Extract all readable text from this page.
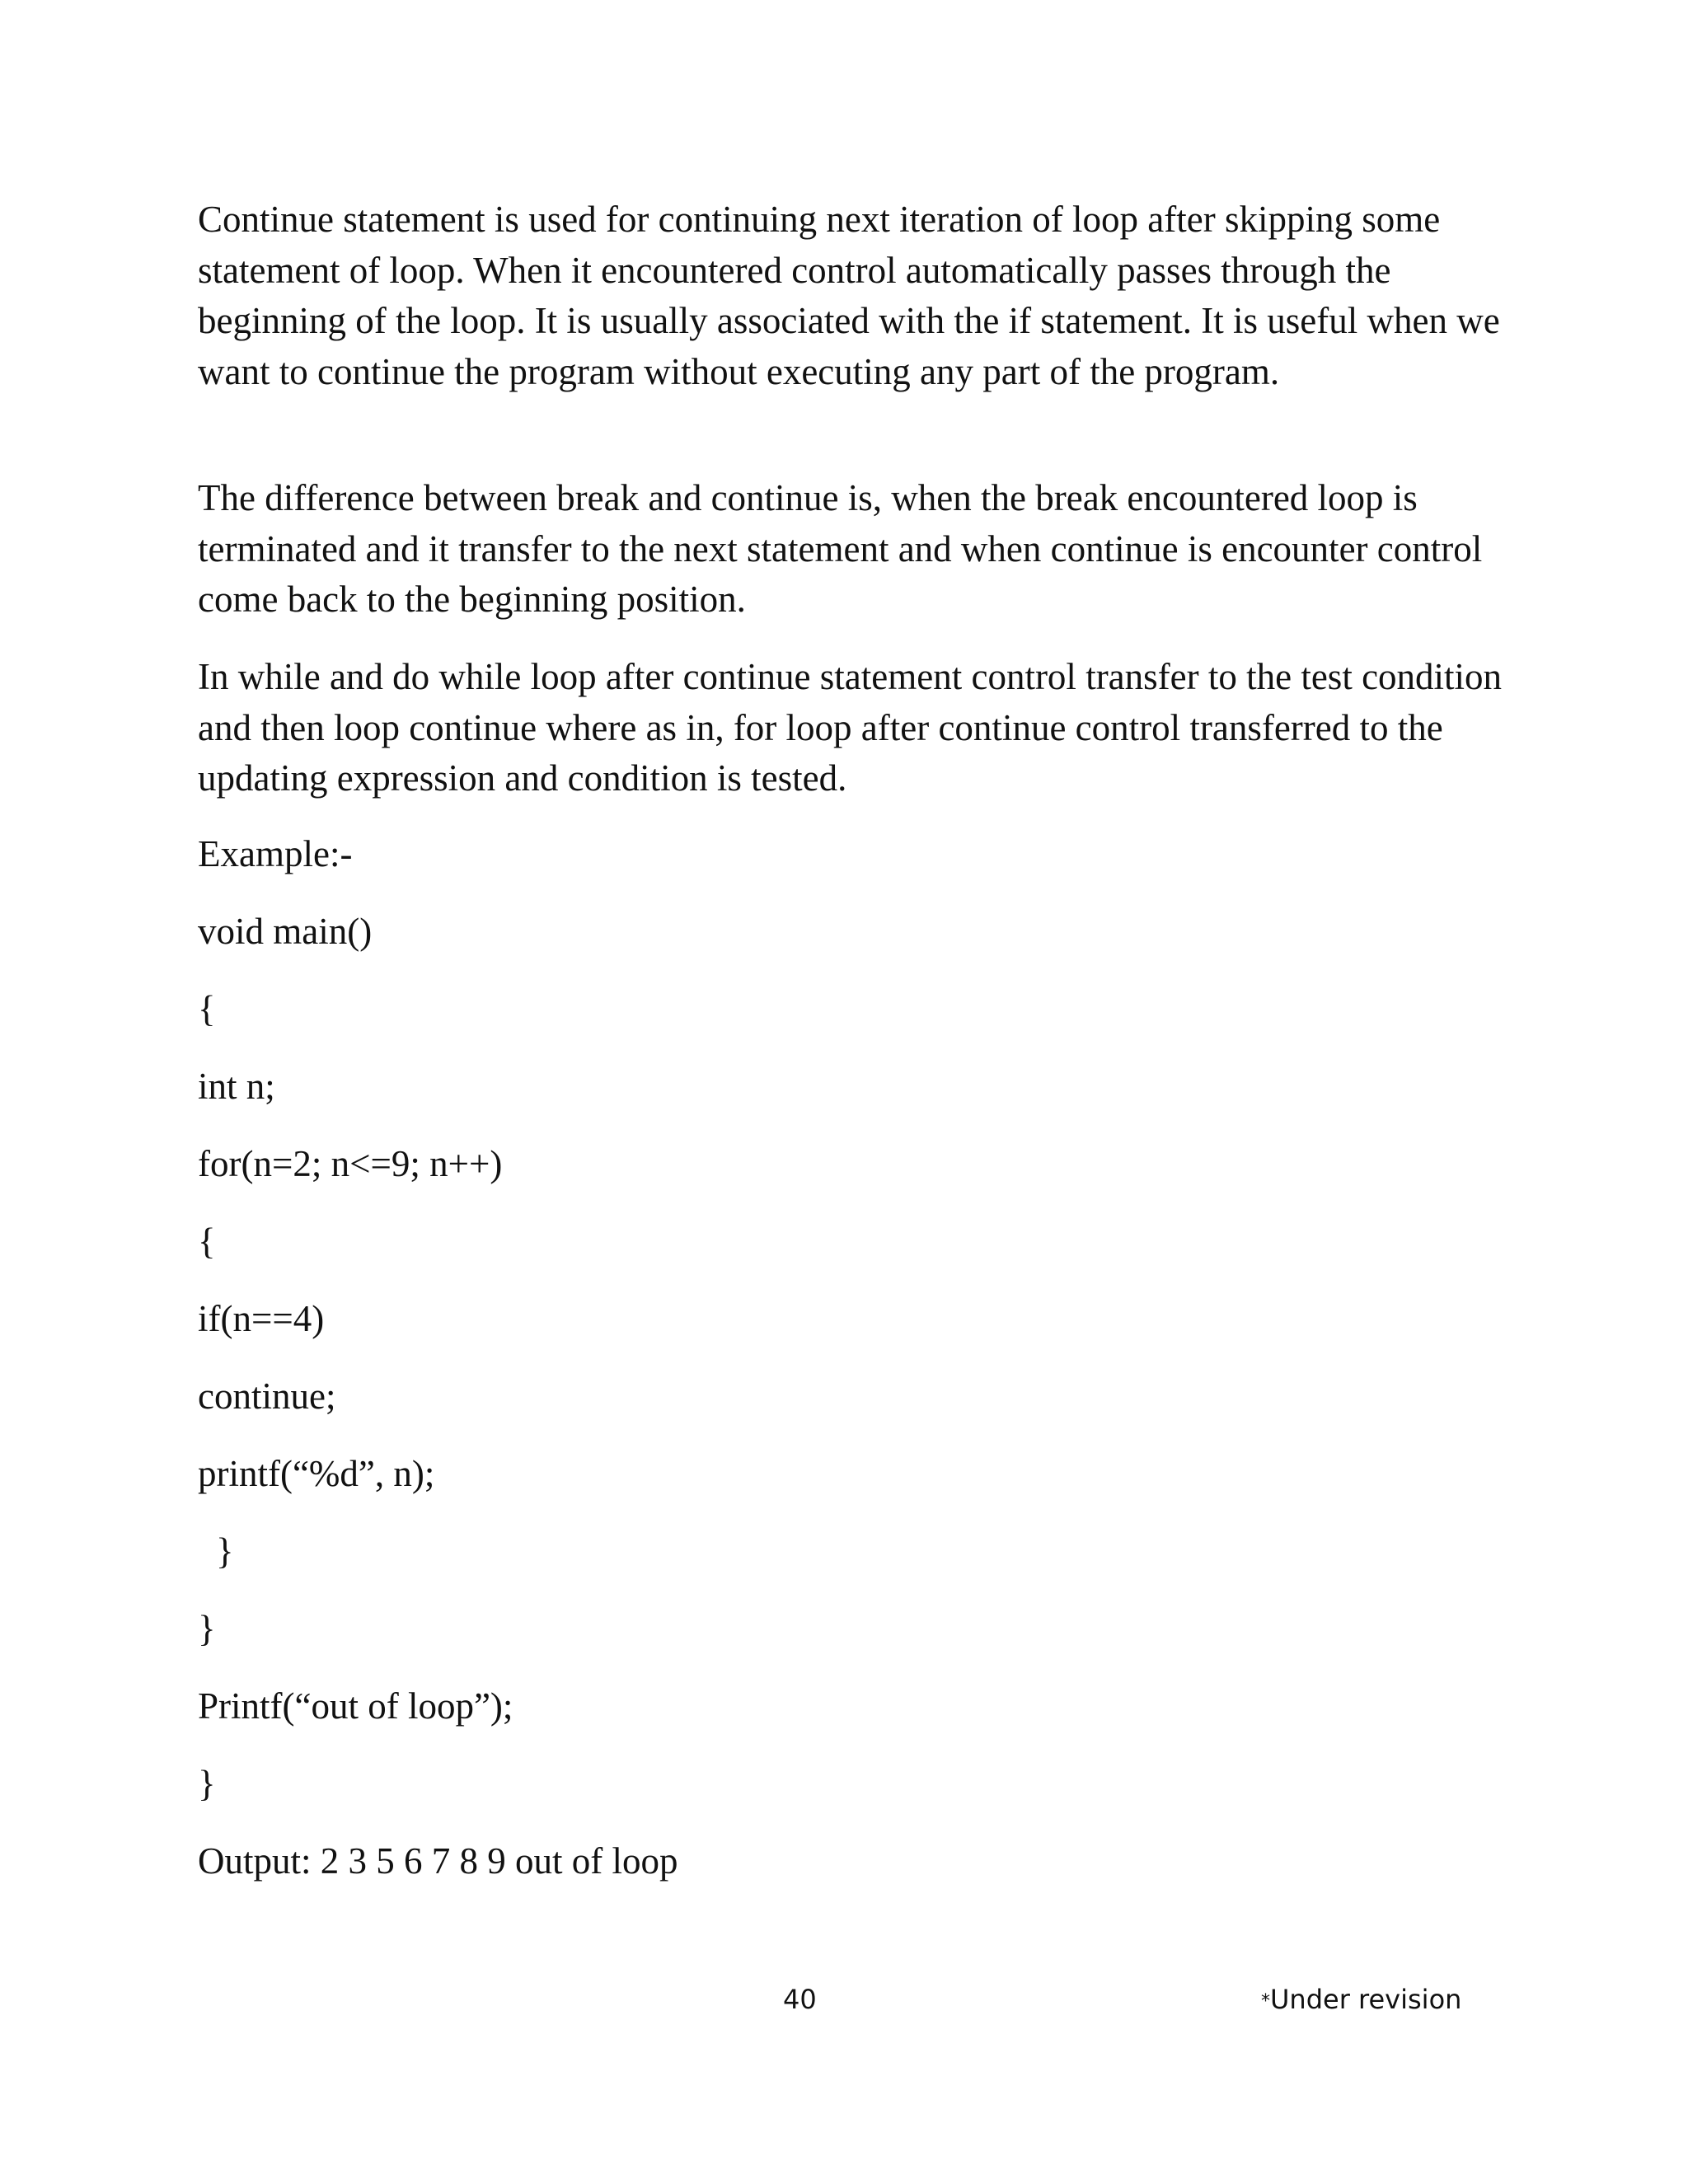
Continue statement is used for continuing next iteration of loop after skipping some statement of loop. When it encountered control automatically passes through the beginning of the loop. It is usually associated with the if statement. It is useful when we want to continue the program without executing any part of the program.

The difference between break and continue is, when the break encountered loop is terminated and it transfer to the next statement and when continue is encounter control come back to the beginning position.

In while and do while loop after continue statement control transfer to the test condition and then loop continue where as in, for loop after continue control transferred to the updating expression and condition is tested.

Example:-
void main()
{
int n;
for(n=2; n<=9; n++)
{
if(n==4)
continue;
printf(“%d”, n);
}
}
Printf(“out of loop”);
}
Output: 2 3 5 6 7 8 9 out of loop
40	*Under revision
